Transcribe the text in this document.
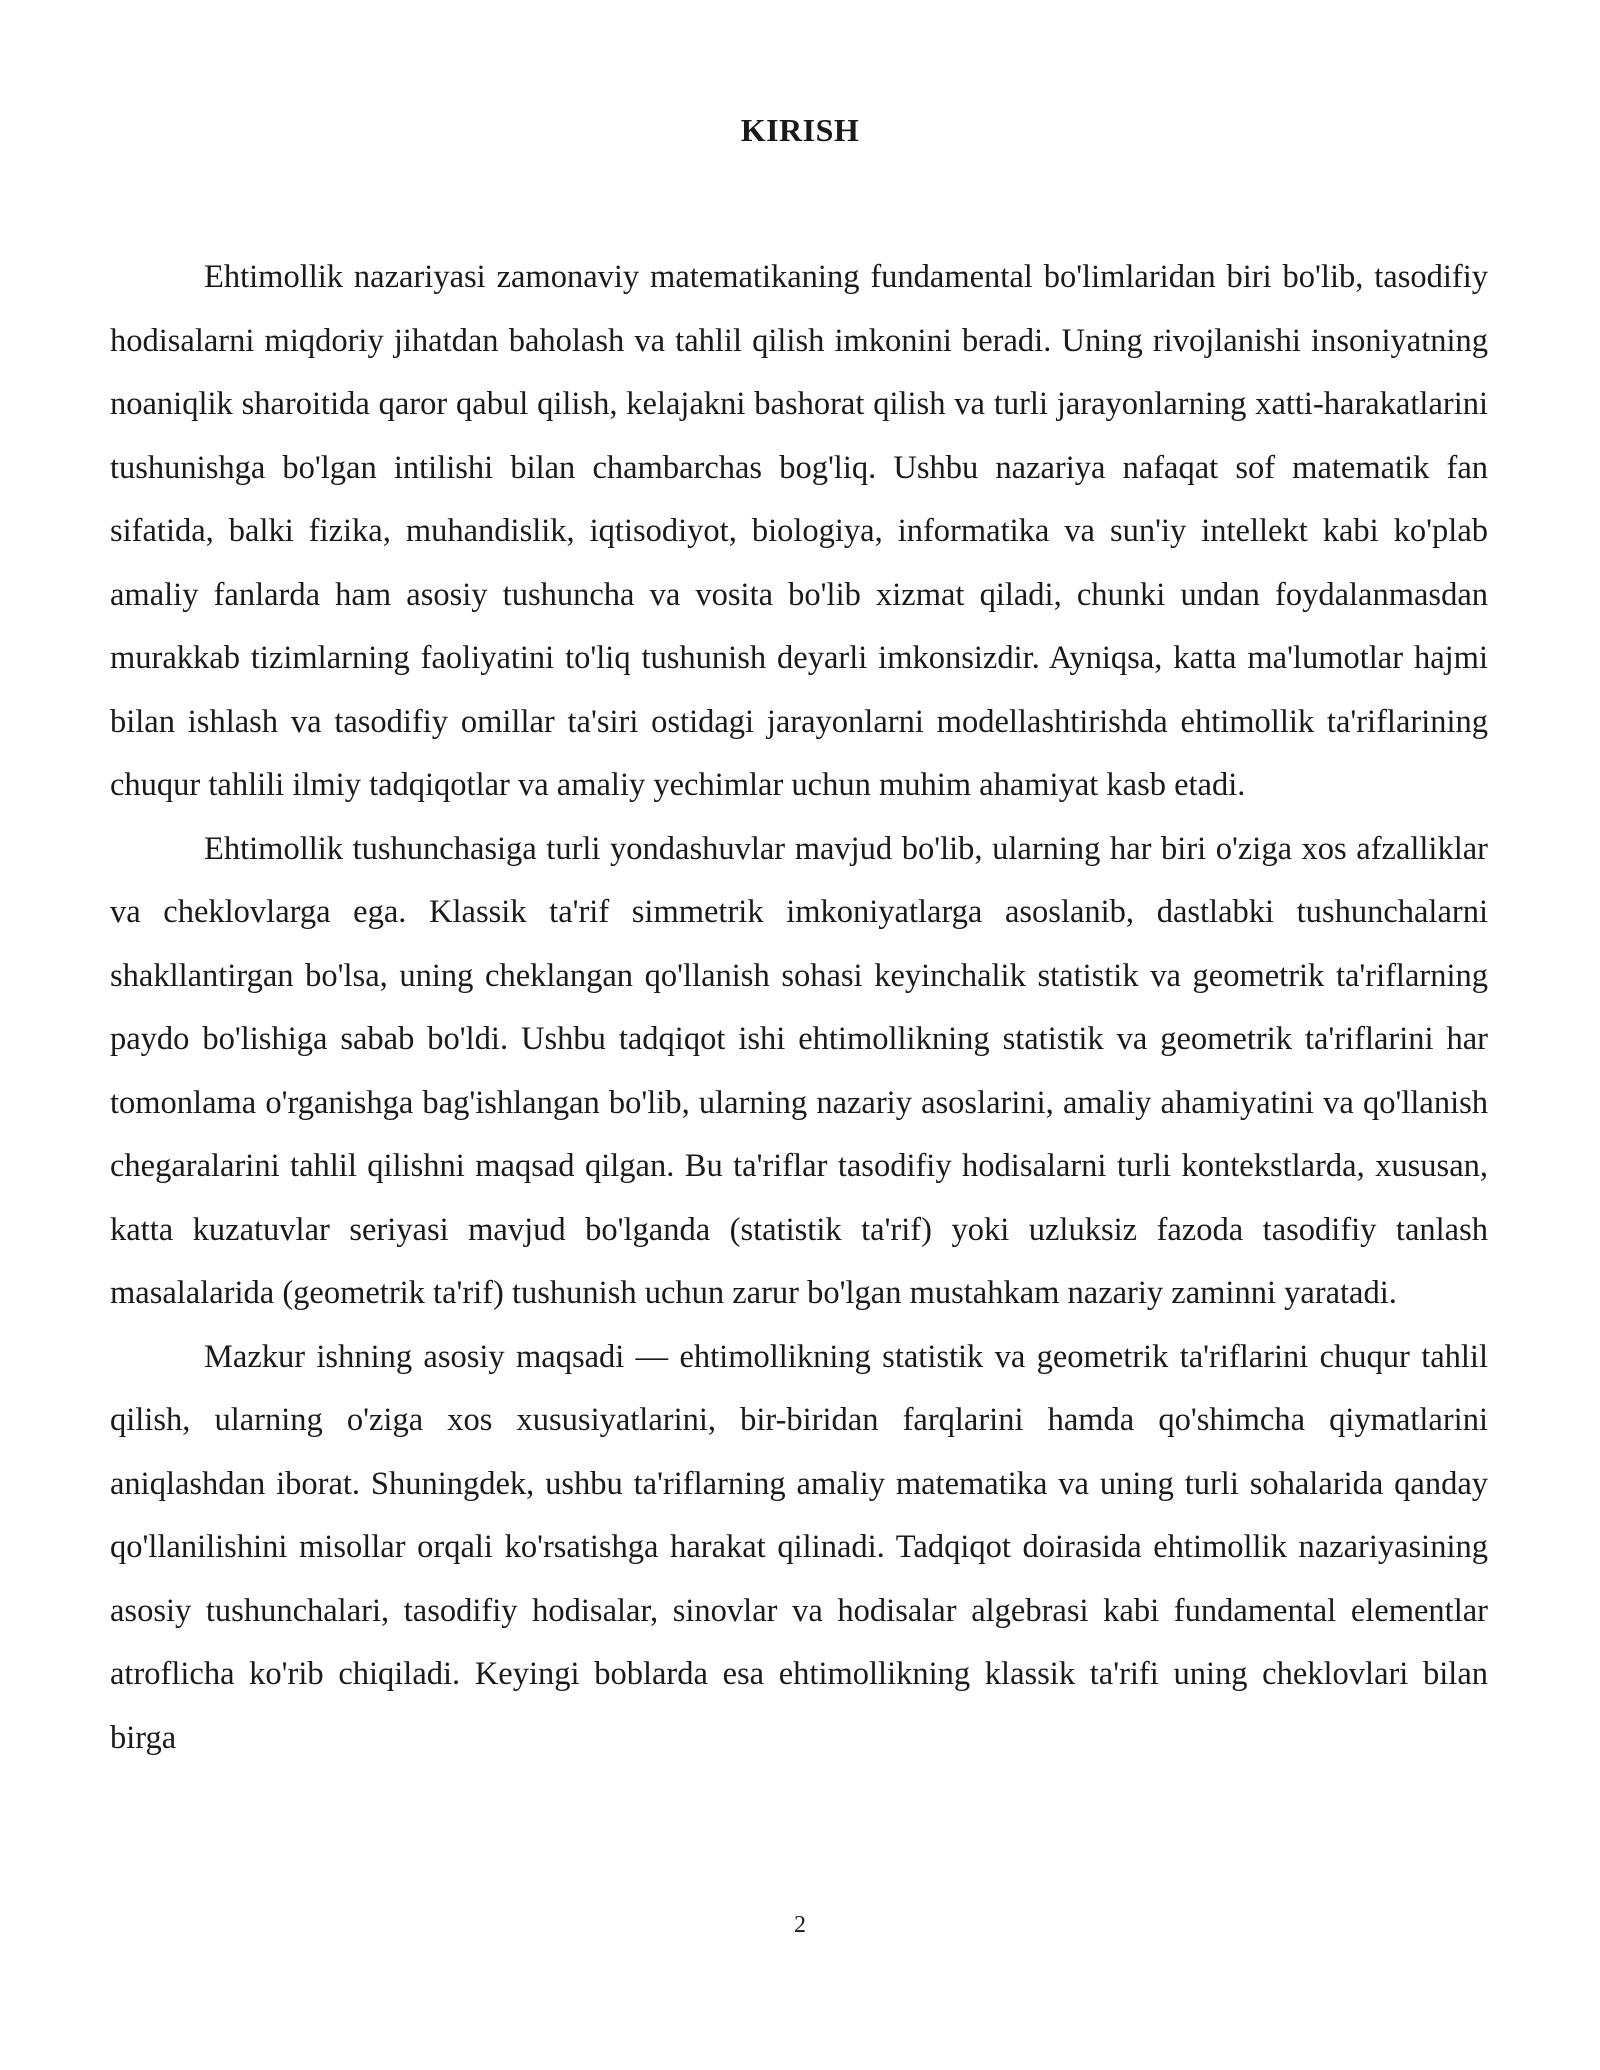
KIRISH

Ehtimollik nazariyasi zamonaviy matematikaning fundamental bo'limlaridan biri bo'lib, tasodifiy hodisalarni miqdoriy jihatdan baholash va tahlil qilish imkonini beradi. Uning rivojlanishi insoniyatning noaniqlik sharoitida qaror qabul qilish, kelajakni bashorat qilish va turli jarayonlarning xatti-harakatlarini tushunishga bo'lgan intilishi bilan chambarchas bog'liq. Ushbu nazariya nafaqat sof matematik fan sifatida, balki fizika, muhandislik, iqtisodiyot, biologiya, informatika va sun'iy intellekt kabi ko'plab amaliy fanlarda ham asosiy tushuncha va vosita bo'lib xizmat qiladi, chunki undan foydalanmasdan murakkab tizimlarning faoliyatini to'liq tushunish deyarli imkonsizdir. Ayniqsa, katta ma'lumotlar hajmi bilan ishlash va tasodifiy omillar ta'siri ostidagi jarayonlarni modellashtirishda ehtimollik ta'riflarining chuqur tahlili ilmiy tadqiqotlar va amaliy yechimlar uchun muhim ahamiyat kasb etadi.

Ehtimollik tushunchasiga turli yondashuvlar mavjud bo'lib, ularning har biri o'ziga xos afzalliklar va cheklovlarga ega. Klassik ta'rif simmetrik imkoniyatlarga asoslanib, dastlabki tushunchalarni shakllantirgan bo'lsa, uning cheklangan qo'llanish sohasi keyinchalik statistik va geometrik ta'riflarning paydo bo'lishiga sabab bo'ldi. Ushbu tadqiqot ishi ehtimollikning statistik va geometrik ta'riflarini har tomonlama o'rganishga bag'ishlangan bo'lib, ularning nazariy asoslarini, amaliy ahamiyatini va qo'llanish chegaralarini tahlil qilishni maqsad qilgan. Bu ta'riflar tasodifiy hodisalarni turli kontekstlarda, xususan, katta kuzatuvlar seriyasi mavjud bo'lganda (statistik ta'rif) yoki uzluksiz fazoda tasodifiy tanlash masalalarida (geometrik ta'rif) tushunish uchun zarur bo'lgan mustahkam nazariy zaminni yaratadi.

Mazkur ishning asosiy maqsadi — ehtimollikning statistik va geometrik ta'riflarini chuqur tahlil qilish, ularning o'ziga xos xususiyatlarini, bir-biridan farqlarini hamda qo'shimcha qiymatlarini aniqlashdan iborat. Shuningdek, ushbu ta'riflarning amaliy matematika va uning turli sohalarida qanday qo'llanilishini misollar orqali ko'rsatishga harakat qilinadi. Tadqiqot doirasida ehtimollik nazariyasining asosiy tushunchalari, tasodifiy hodisalar, sinovlar va hodisalar algebrasi kabi fundamental elementlar atroflicha ko'rib chiqiladi. Keyingi boblarda esa ehtimollikning klassik ta'rifi uning cheklovlari bilan birga

2
